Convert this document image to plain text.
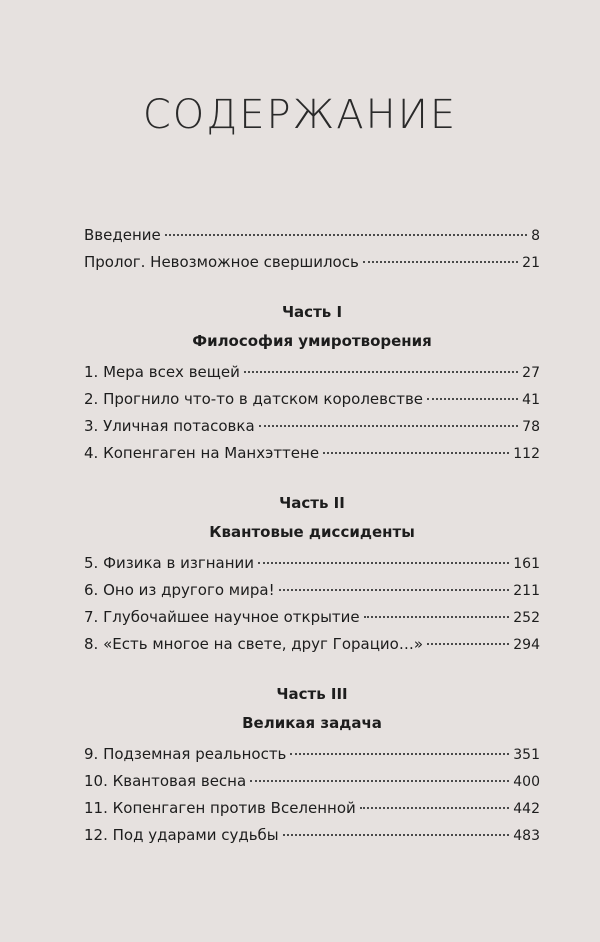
СОДЕРЖАНИЕ
Введение	8
Пролог. Невозможное свершилось	21
Часть I
Философия умиротворения
1. Мера всех вещей	27
2. Прогнило что-то в датском королевстве	41
3. Уличная потасовка	78
4. Копенгаген на Манхэттене	112
Часть II
Квантовые диссиденты
5. Физика в изгнании	161
6. Оно из другого мира!	211
7. Глубочайшее научное открытие	252
8. «Есть многое на свете, друг Горацио…»	294
Часть III
Великая задача
9. Подземная реальность	351
10. Квантовая весна	400
11. Копенгаген против Вселенной	442
12. Под ударами судьбы	483
